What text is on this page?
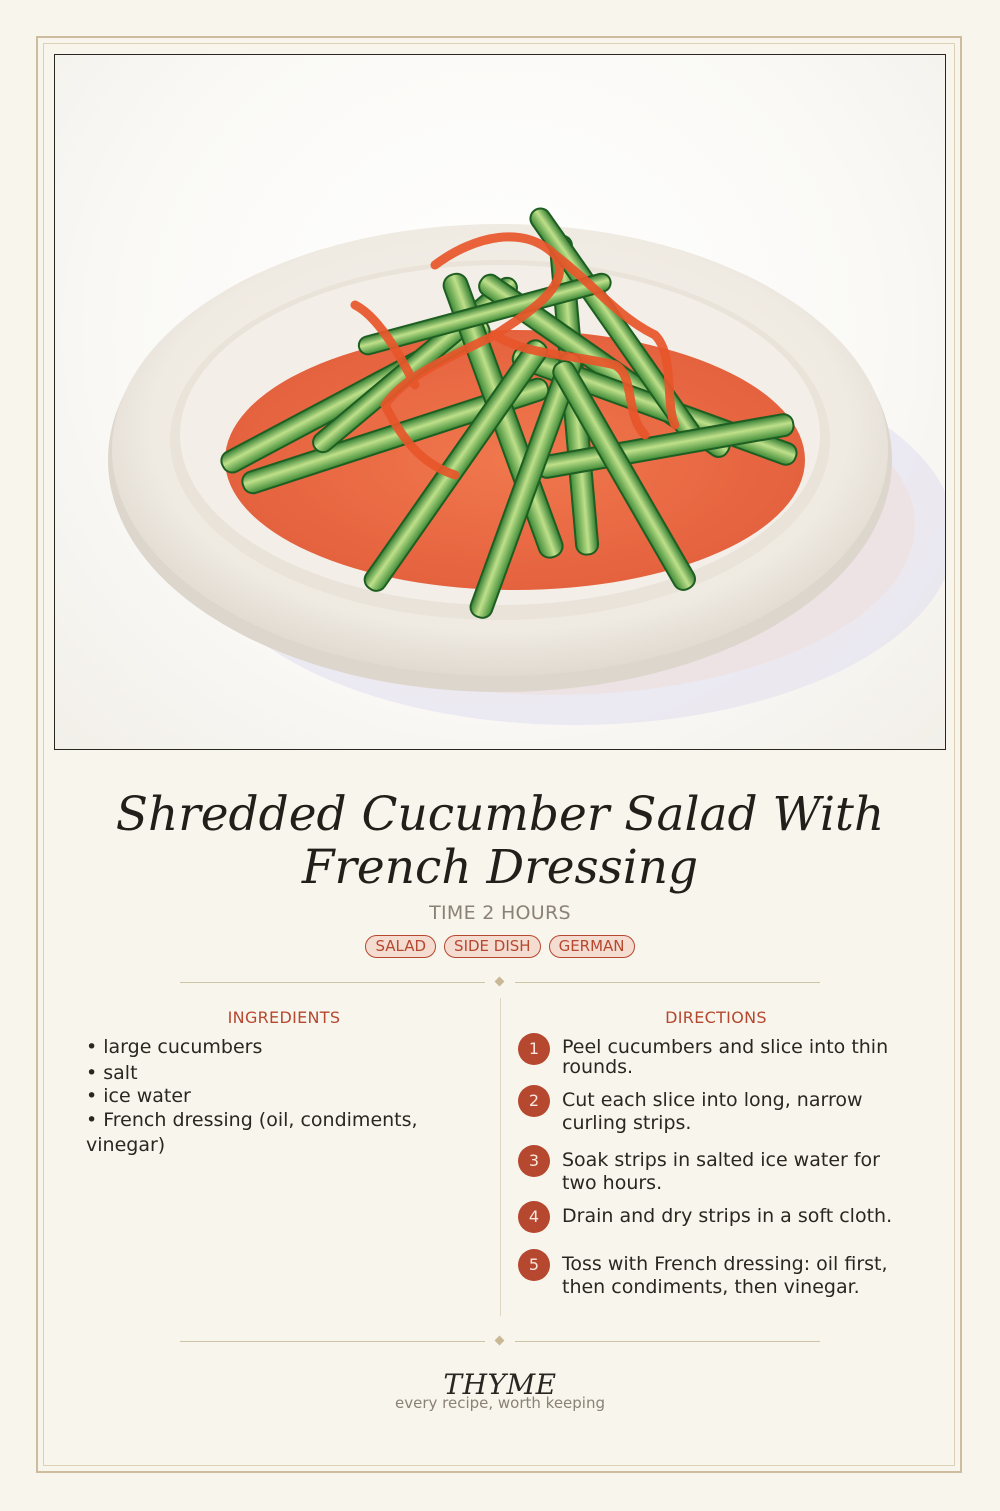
Shredded Cucumber Salad With French Dressing
TIME 2 HOURS
SALAD	SIDE DISH	GERMAN
INGREDIENTS
• large cucumbers
• salt
• ice water
• French dressing (oil, condiments, vinegar)
DIRECTIONS
1	Peel cucumbers and slice into thin rounds.
2	Cut each slice into long, narrow curling strips.
3	Soak strips in salted ice water for two hours.
4	Drain and dry strips in a soft cloth.
5	Toss with French dressing: oil first, then condiments, then vinegar.
THYME
every recipe, worth keeping
